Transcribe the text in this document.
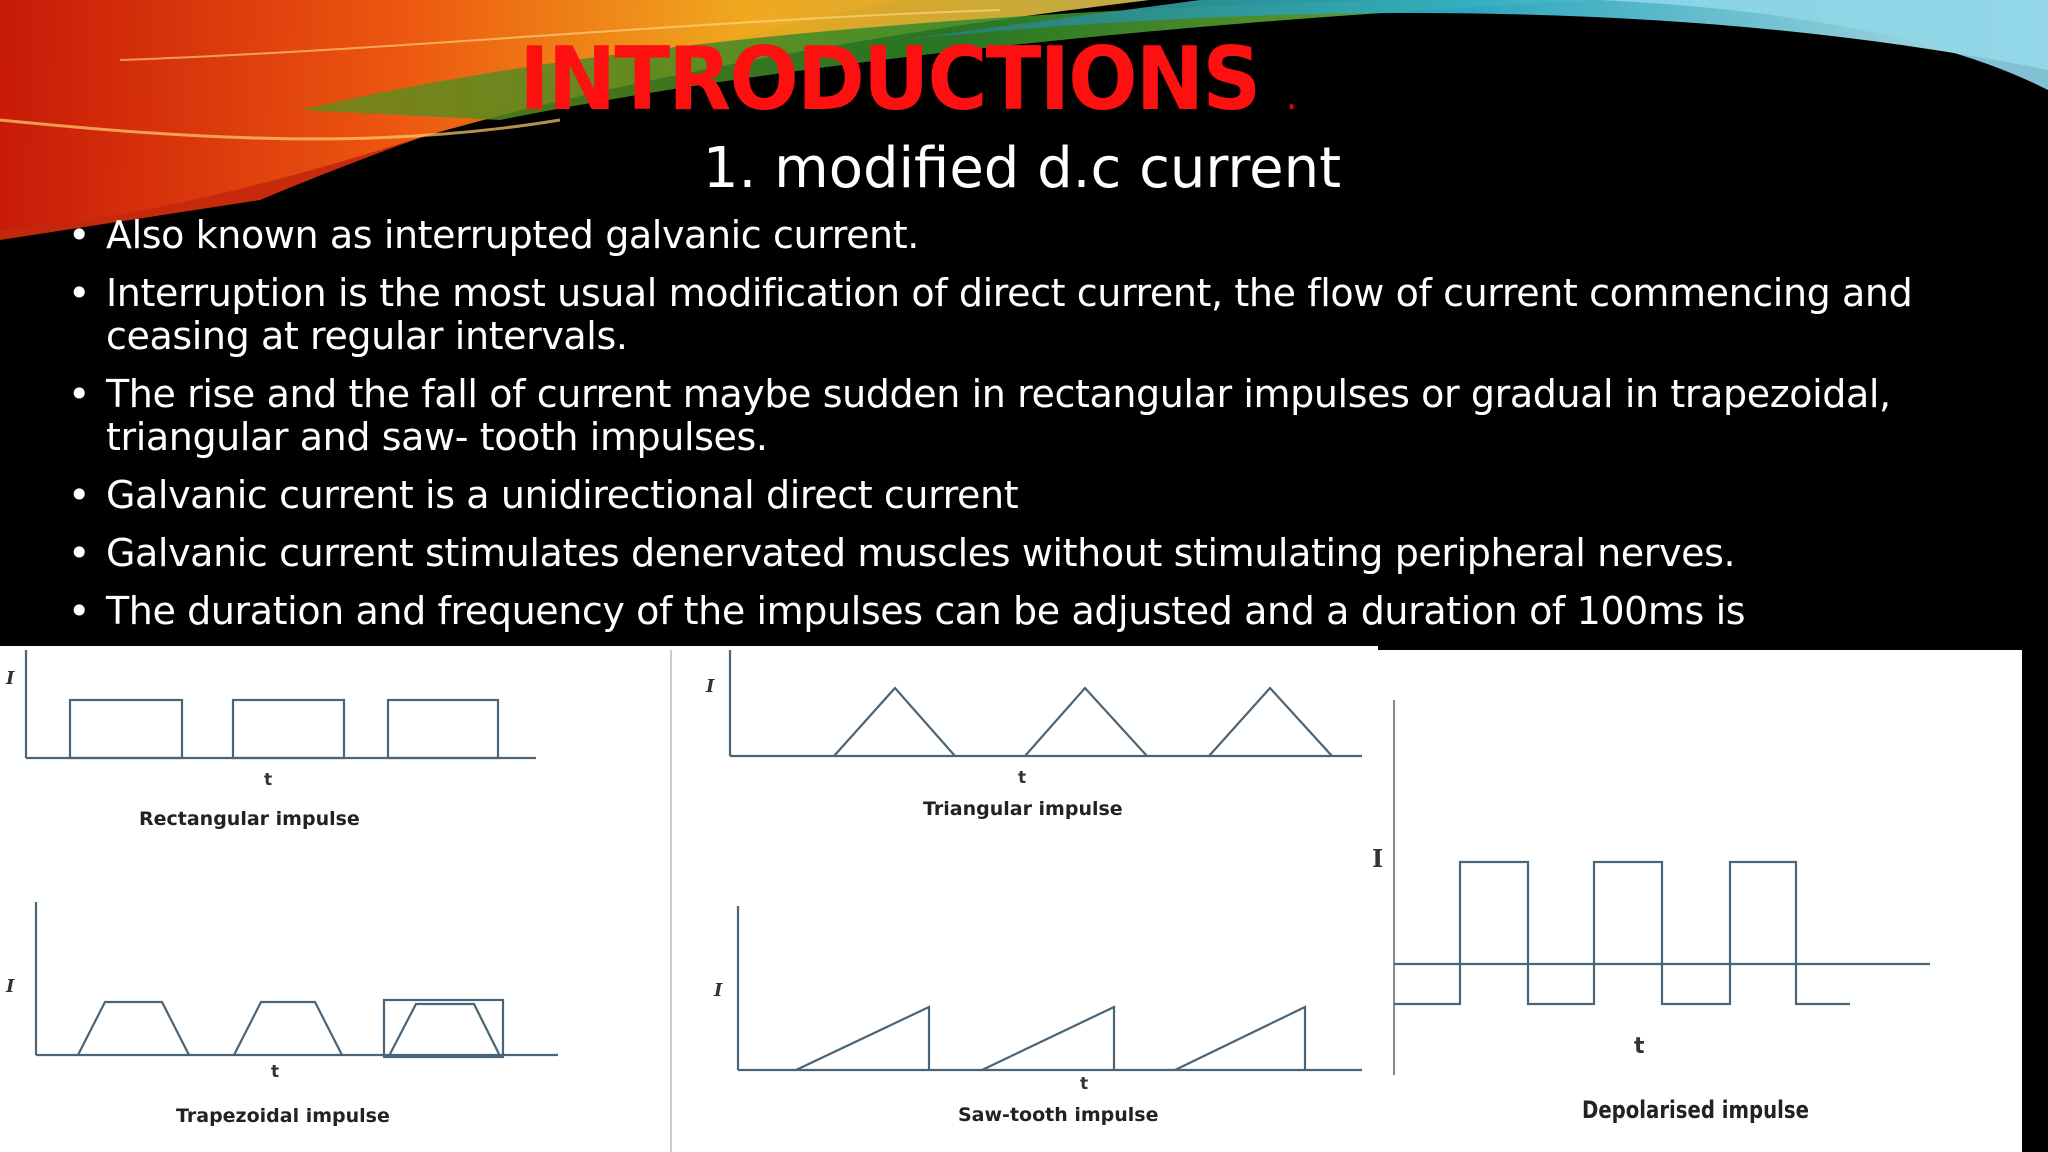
INTRODUCTIONS .
1. modified d.c current
• Also known as interrupted galvanic current.
• Interruption is the most usual modification of direct current, the flow of current commencing and ceasing at regular intervals.
• The rise and the fall of current maybe sudden in rectangular impulses or gradual in trapezoidal, triangular and saw- tooth impulses.
• Galvanic current is a unidirectional direct current
• Galvanic current stimulates denervated muscles without stimulating peripheral nerves.
• The duration and frequency of the impulses can be adjusted and a duration of 100ms is
I
t
Rectangular impulse
I
t
Trapezoidal impulse
I
t
Triangular impulse
I
t
Saw-tooth impulse
I
t
Depolarised impulse
